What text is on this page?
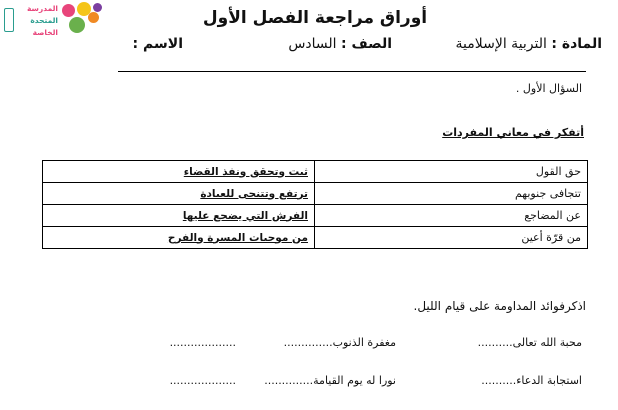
المدرسة
المتحدة
الخاصة
أوراق مراجعة الفصل الأول
المادة : التربية الإسلامية
الصف : السادس
الاسم :
السؤال الأول .
أتفكر في معاني المفردات
حق القول	ثبت وتحقق ونفذ القضاء
تتجافى جنوبهم	ترتفع وتتنحى للعبادة
عن المضاجع	الفرش التي يضجع عليها
من قرّة أعين	من موجبات المسرة والفرح
اذكرفوائد المداومة على قيام الليل.
محبة الله تعالى..........
مغفرة الذنوب..............
...................
استجابة الدعاء..........
نورا له يوم القيامة..............
...................
